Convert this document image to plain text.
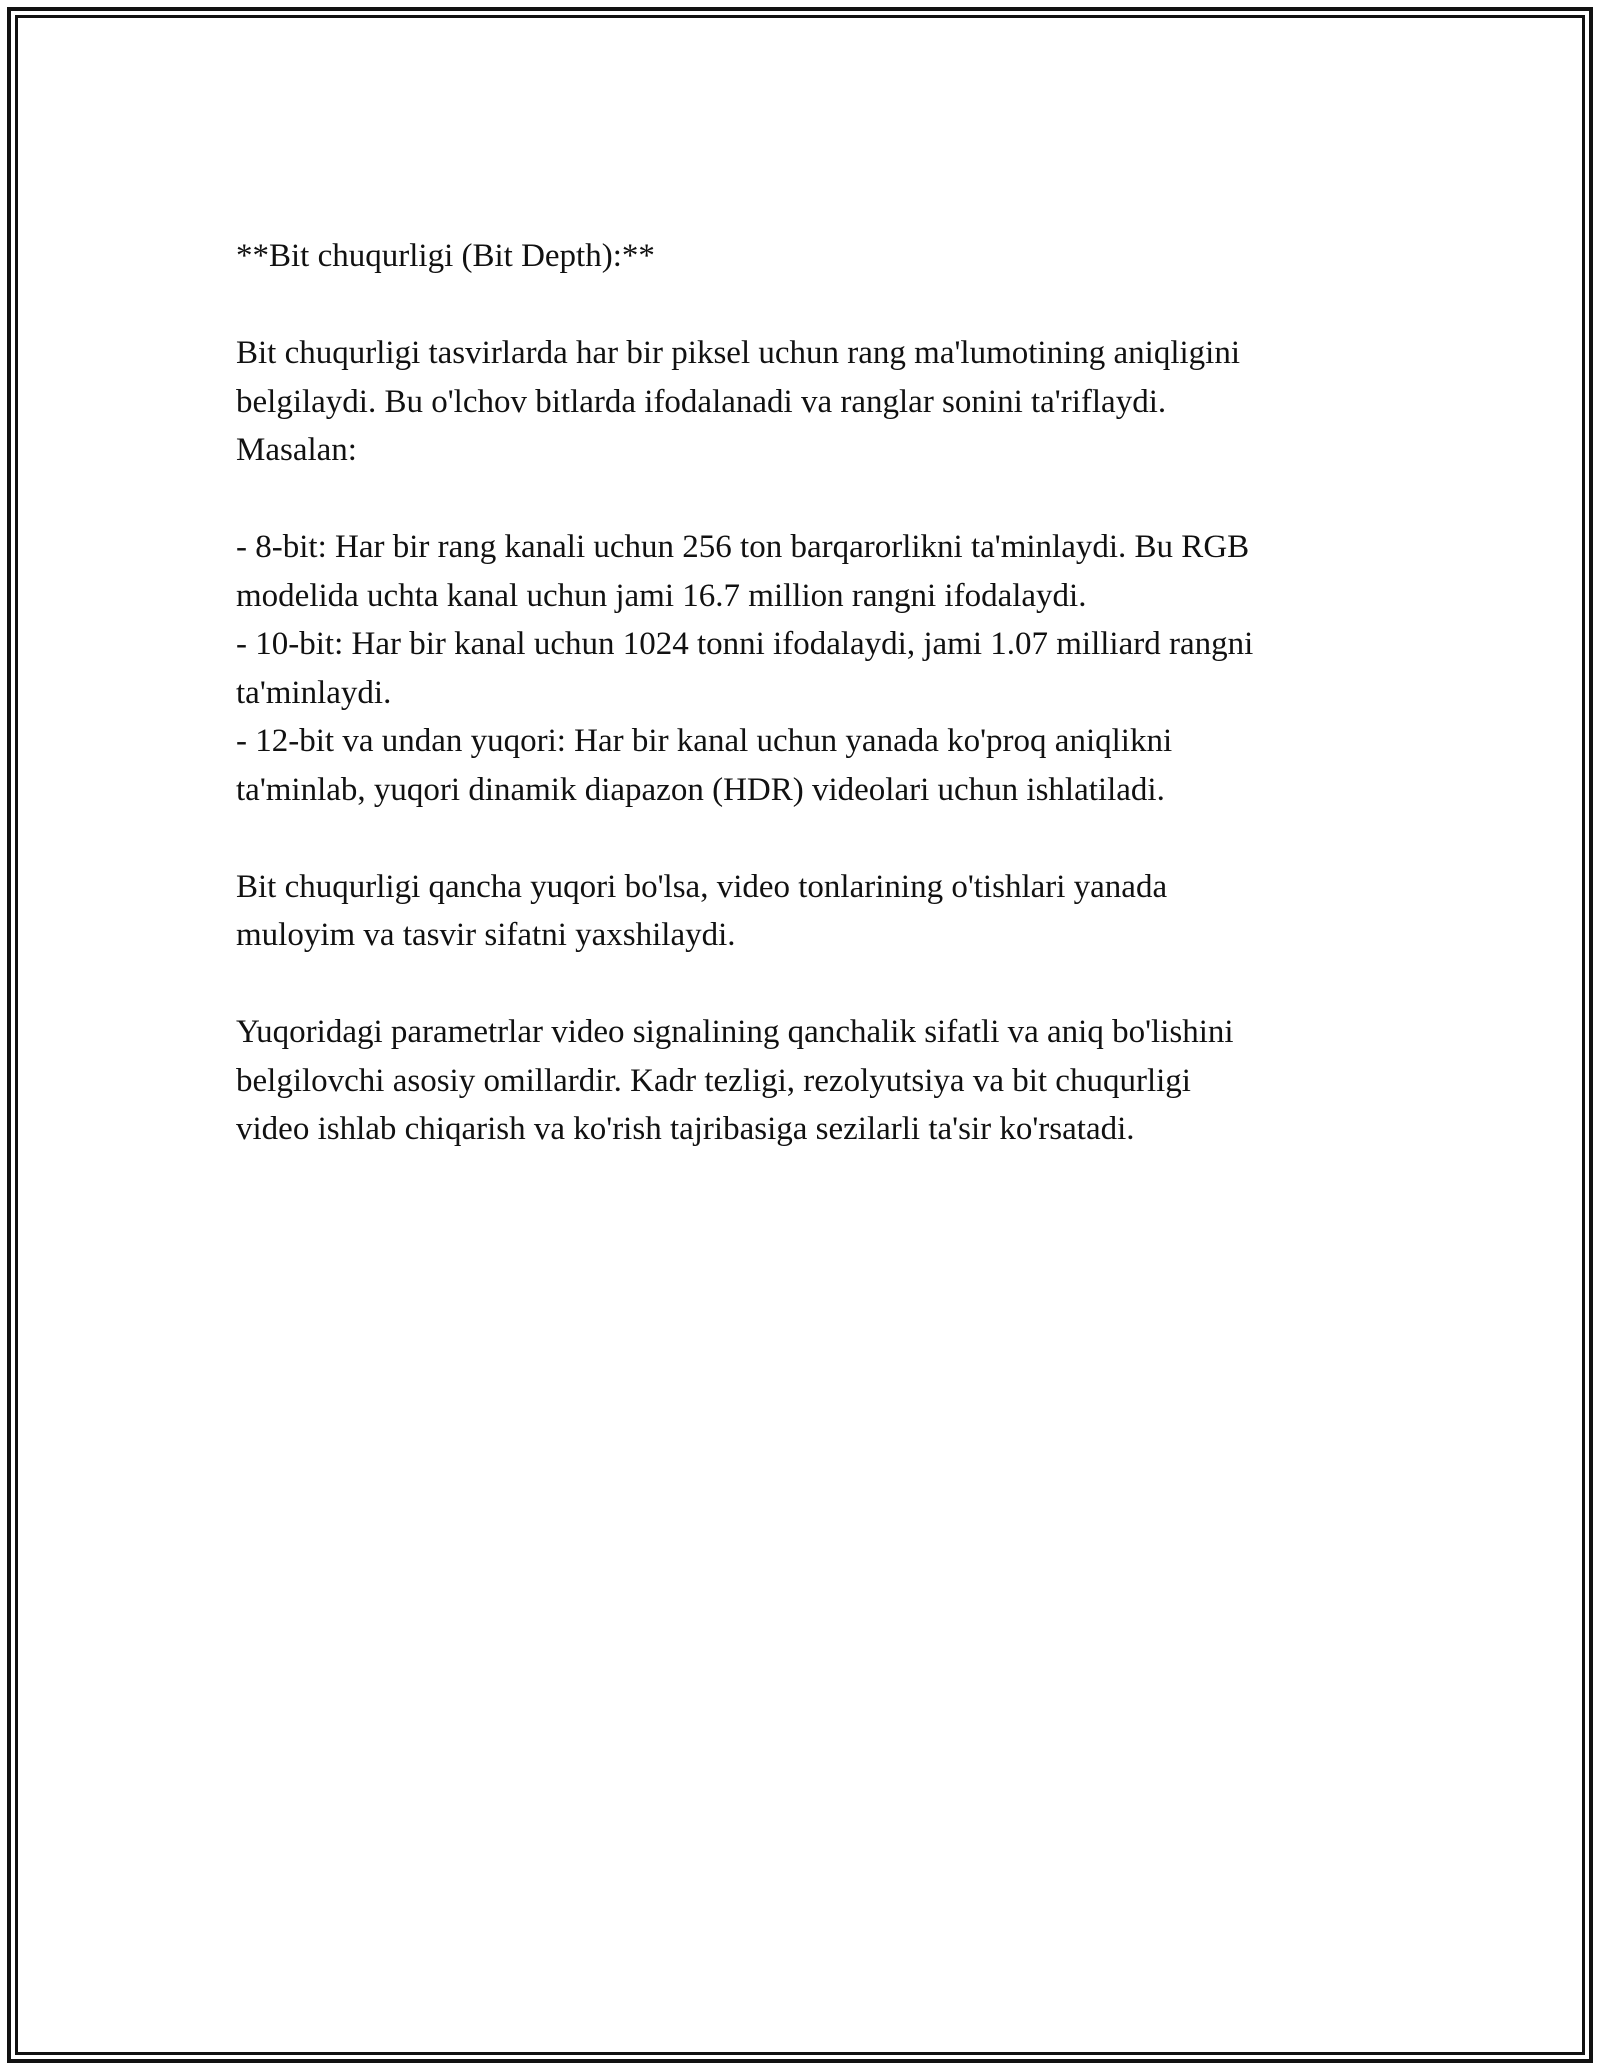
**Bit chuqurligi (Bit Depth):**

Bit chuqurligi tasvirlarda har bir piksel uchun rang ma'lumotining aniqligini

belgilaydi. Bu o'lchov bitlarda ifodalanadi va ranglar sonini ta'riflaydi.

Masalan:

- 8-bit: Har bir rang kanali uchun 256 ton barqarorlikni ta'minlaydi. Bu RGB

modelida uchta kanal uchun jami 16.7 million rangni ifodalaydi.

- 10-bit: Har bir kanal uchun 1024 tonni ifodalaydi, jami 1.07 milliard rangni

ta'minlaydi.

- 12-bit va undan yuqori: Har bir kanal uchun yanada ko'proq aniqlikni

ta'minlab, yuqori dinamik diapazon (HDR) videolari uchun ishlatiladi.

Bit chuqurligi qancha yuqori bo'lsa, video tonlarining o'tishlari yanada

muloyim va tasvir sifatni yaxshilaydi.

Yuqoridagi parametrlar video signalining qanchalik sifatli va aniq bo'lishini

belgilovchi asosiy omillardir. Kadr tezligi, rezolyutsiya va bit chuqurligi

video ishlab chiqarish va ko'rish tajribasiga sezilarli ta'sir ko'rsatadi.
